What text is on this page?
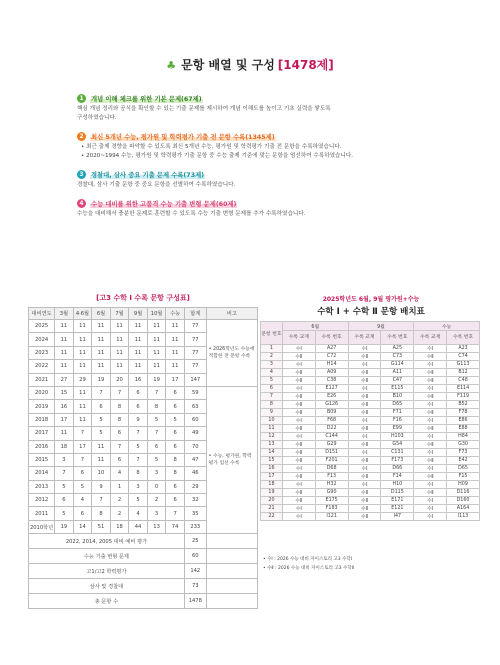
♣ 문항 배열 및 구성 [1478제]
1	개념 이해 체크를 위한 기본 문제(67제)
핵심 개념 정리와 공식을 확인할 수 있는 기출 문제를 제시하여 개념 이해도를 높이고 기초 실력을 쌓도록
구성하였습니다.
2	최신 5개년 수능, 평가원 및 학력평가 기출 전 문항 수록(1345제)
• 최근 출제 경향을 파악할 수 있도록 최신 5개년 수능, 평가원 및 학력평가 기출 전 문항을 수록하였습니다.
• 2020~1994 수능, 평가원 및 학력평가 기출 문항 중 수능 출제 기준에 맞는 문항을 엄선하여 수록하였습니다.
3	경찰대, 삼사 중요 기출 문제 수록(73제)
경찰대, 삼사 기출 문항 중 중요 문항을 선별하여 수록하였습니다.
4	수능 대비를 위한 고품격 수능 기출 변형 문제(60제)
수능을 대비해서 충분한 문제로 훈련할 수 있도록 수능 기출 변형 문제를 추가 수록하였습니다.
[고3 수학 Ⅰ 수록 문항 구성표]
대비연도	3월	4·6월	6월	7월	9월	10월	수능	합계	비고
2025	11	11	11	11	11	11	11	77	• 2026학년도 수능에 적합한 전 문항 수록
2024	11	11	11	11	11	11	11	77	
2023	11	11	11	11	11	11	11	77	
2022	11	11	11	11	11	11	11	77	
2021	27	29	19	20	16	19	17	147	
2020	15	11	7	7	6	7	6	59	• 수능, 평가원, 학력평가 엄선 수록
2019	16	11	6	8	6	8	6	63	
2018	17	11	5	8	9	5	5	60	
2017	11	7	5	6	7	7	6	49	
2016	18	17	11	7	5	6	6	70	
2015	3	7	11	6	7	5	8	47	
2014	7	6	10	4	8	3	8	46	
2013	5	5	9	1	3	0	6	29	
2012	6	4	7	2	5	2	6	32	
2011	5	6	8	2	4	3	7	35	
2010학년	19	14	51	18	44	13	74	233	
2022, 2014, 2005 대비 예비 평가								25	
수능 기출 변형 문제								60	
고1/고2 학력평가								142	
삼사 및 경찰대								73	
총 문항 수								1478	
2025학년도 6월, 9월 평가원+수능
수학 Ⅰ + 수학 Ⅱ 문항 배치표
문항 번호	6월		9월		수능	
	수록 교재	수록 번호	수록 교재	수록 번호	수록 교재	수록 번호
1	수Ⅰ	A27	수Ⅰ	A25	수Ⅰ	A23
2	수Ⅱ	C72	수Ⅱ	C73	수Ⅱ	C74
3	수Ⅰ	H14	수Ⅰ	G114	수Ⅰ	G113
4	수Ⅱ	A09	수Ⅱ	A11	수Ⅱ	B12
5	수Ⅱ	C38	수Ⅱ	C47	수Ⅱ	C48
6	수Ⅰ	E127	수Ⅰ	E115	수Ⅰ	E114
7	수Ⅱ	E26	수Ⅱ	B10	수Ⅱ	F119
8	수Ⅱ	G126	수Ⅱ	D65	수Ⅰ	B52
9	수Ⅱ	B09	수Ⅱ	F71	수Ⅱ	F78
10	수Ⅰ	F68	수Ⅰ	F16	수Ⅰ	E86
11	수Ⅱ	D22	수Ⅱ	E99	수Ⅱ	E88
12	수Ⅰ	C144	수Ⅰ	H103	수Ⅰ	H84
13	수Ⅱ	G29	수Ⅱ	G54	수Ⅱ	G30
14	수Ⅱ	D151	수Ⅰ	C131	수Ⅰ	F73
15	수Ⅱ	F201	수Ⅱ	F173	수Ⅱ	E42
16	수Ⅰ	D68	수Ⅰ	D66	수Ⅰ	D65
17	수Ⅱ	F13	수Ⅱ	F14	수Ⅱ	F15
18	수Ⅰ	H32	수Ⅰ	H10	수Ⅰ	H09
19	수Ⅱ	G90	수Ⅱ	D115	수Ⅱ	D116
20	수Ⅱ	E175	수Ⅱ	E171	수Ⅰ	D160
21	수Ⅰ	F183	수Ⅱ	E121	수Ⅰ	A164
22	수Ⅰ	I121	수Ⅱ	I47	수Ⅰ	I113
• 수Ⅰ : 2026 수능 대비 자이스토리 고3 수학Ⅰ
• 수Ⅱ : 2026 수능 대비 자이스토리 고3 수학Ⅱ
